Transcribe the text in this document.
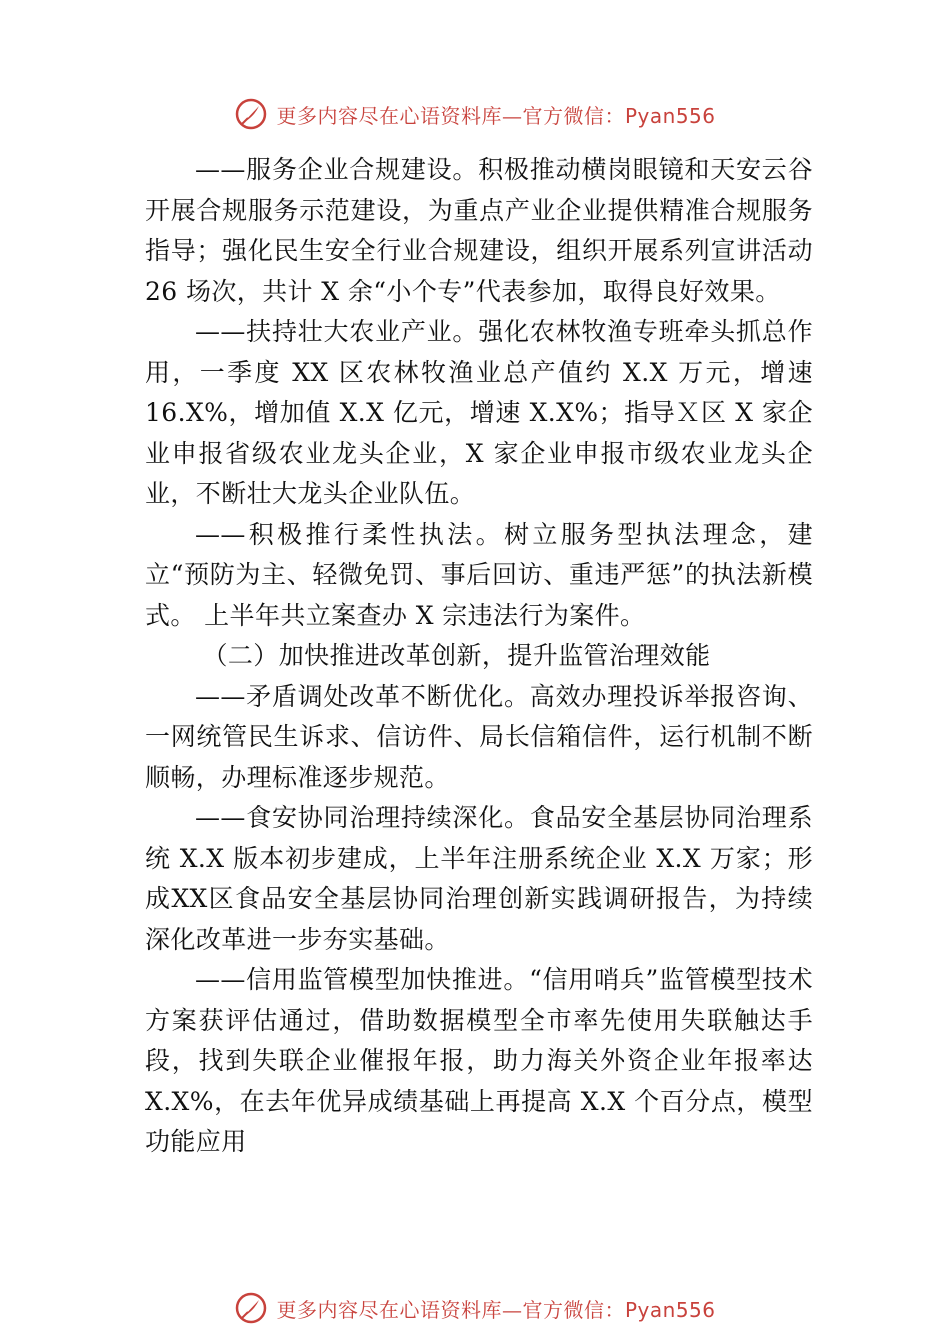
更多内容尽在心语资料库—官方微信：Pyan556

——服务企业合规建设。积极推动横岗眼镜和天安云谷开展合规服务示范建设，为重点产业企业提供精准合规服务指导；强化民生安全行业合规建设，组织开展系列宣讲活动 26 场次，共计 X 余“小个专”代表参加，取得良好效果。

——扶持壮大农业产业。强化农林牧渔专班牵头抓总作用，一季度 XX 区农林牧渔业总产值约 X.X 万元，增速 16.X%，增加值 X.X 亿元，增速 X.X%；指导Ｘ区 X 家企业申报省级农业龙头企业，X 家企业申报市级农业龙头企业，不断壮大龙头企业队伍。

——积极推行柔性执法。树立服务型执法理念，建立“预防为主、轻微免罚、事后回访、重违严惩”的执法新模式。 上半年共立案查办 X 宗违法行为案件。

（二）加快推进改革创新，提升监管治理效能

——矛盾调处改革不断优化。高效办理投诉举报咨询、一网统管民生诉求、信访件、局长信箱信件，运行机制不断顺畅，办理标准逐步规范。

——食安协同治理持续深化。食品安全基层协同治理系统 X.X 版本初步建成，上半年注册系统企业 X.X 万家；形成XX区食品安全基层协同治理创新实践调研报告，为持续深化改革进一步夯实基础。

——信用监管模型加快推进。“信用哨兵”监管模型技术方案获评估通过，借助数据模型全市率先使用失联触达手段，找到失联企业催报年报，助力海关外资企业年报率达 X.X%，在去年优异成绩基础上再提高 X.X 个百分点，模型功能应用

更多内容尽在心语资料库—官方微信：Pyan556
